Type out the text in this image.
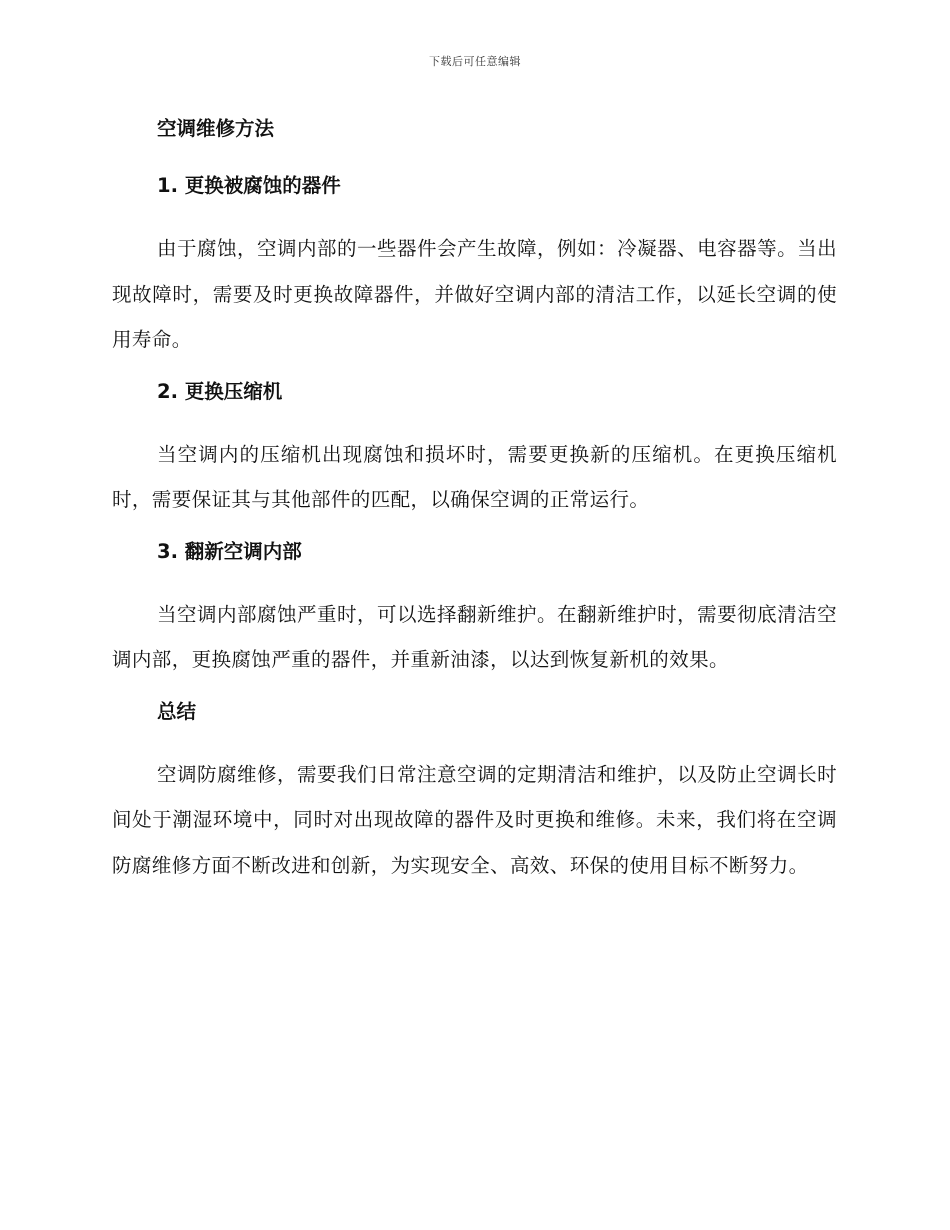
下载后可任意编辑
空调维修方法
1. 更换被腐蚀的器件

由于腐蚀，空调内部的一些器件会产生故障，例如：冷凝器、电容器等。当出现故障时，需要及时更换故障器件，并做好空调内部的清洁工作，以延长空调的使用寿命。

2. 更换压缩机

当空调内的压缩机出现腐蚀和损坏时，需要更换新的压缩机。在更换压缩机时，需要保证其与其他部件的匹配，以确保空调的正常运行。

3. 翻新空调内部

当空调内部腐蚀严重时，可以选择翻新维护。在翻新维护时，需要彻底清洁空调内部，更换腐蚀严重的器件，并重新油漆，以达到恢复新机的效果。

总结

空调防腐维修，需要我们日常注意空调的定期清洁和维护，以及防止空调长时间处于潮湿环境中，同时对出现故障的器件及时更换和维修。未来，我们将在空调防腐维修方面不断改进和创新，为实现安全、高效、环保的使用目标不断努力。
